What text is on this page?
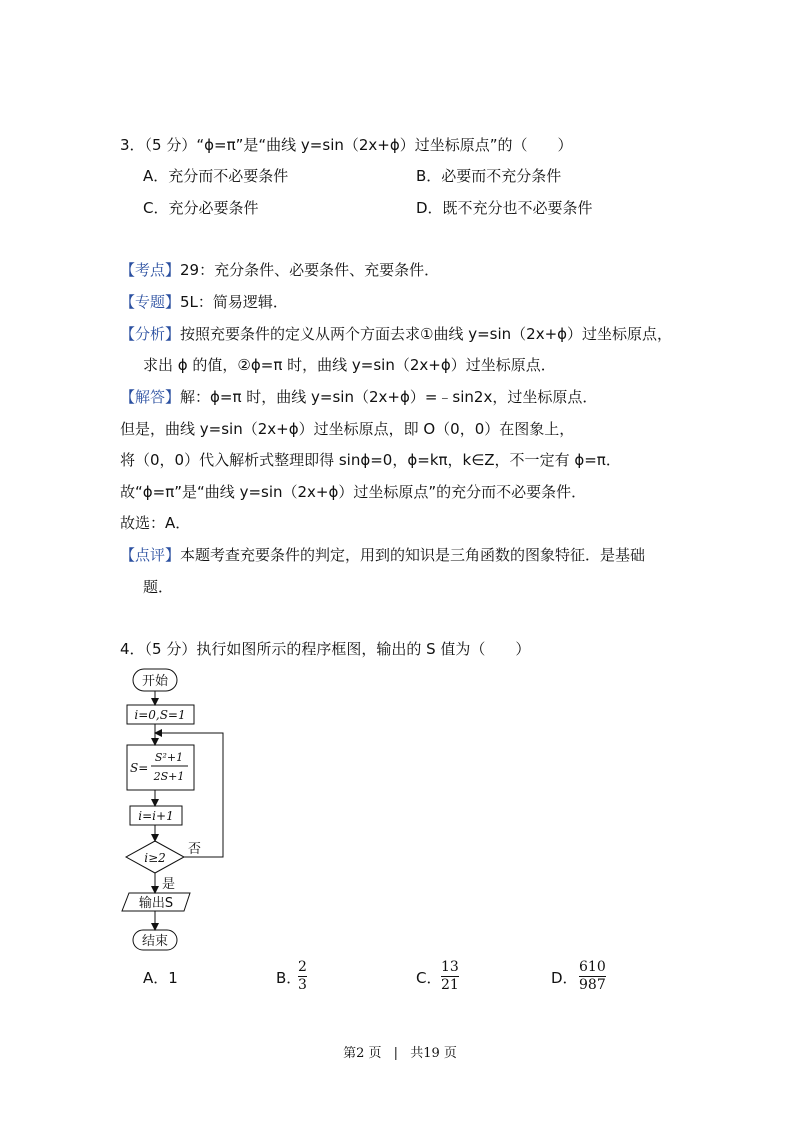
3．（5 分）“ϕ=π”是“曲线 y=sin（2x+ϕ）过坐标原点”的（　　）
A．充分而不必要条件	B．必要而不充分条件
C．充分必要条件	D．既不充分也不必要条件
【考点】29：充分条件、必要条件、充要条件．
【专题】5L：简易逻辑．
【分析】按照充要条件的定义从两个方面去求①曲线 y=sin（2x+ϕ）过坐标原点，
求出 ϕ 的值，②ϕ=π 时，曲线 y=sin（2x+ϕ）过坐标原点．
【解答】解：ϕ=π 时，曲线 y=sin（2x+ϕ）=﹣sin2x，过坐标原点．
但是，曲线 y=sin（2x+ϕ）过坐标原点，即 O（0，0）在图象上，
将（0，0）代入解析式整理即得 sinϕ=0，ϕ=kπ，k∈Z，不一定有 ϕ=π．
故“ϕ=π”是“曲线 y=sin（2x+ϕ）过坐标原点”的充分而不必要条件．
故选：A．
【点评】本题考查充要条件的判定，用到的知识是三角函数的图象特征．是基础
题．
4．（5 分）执行如图所示的程序框图，输出的 S 值为（　　）
开始
i=0,S=1
S=
S²+1
2S+1
i=i+1
i≥2
否
是
输出S
结束
A．1	B．
2
3	C．
13
21	D．
610
987
第2 页 | 共19 页
